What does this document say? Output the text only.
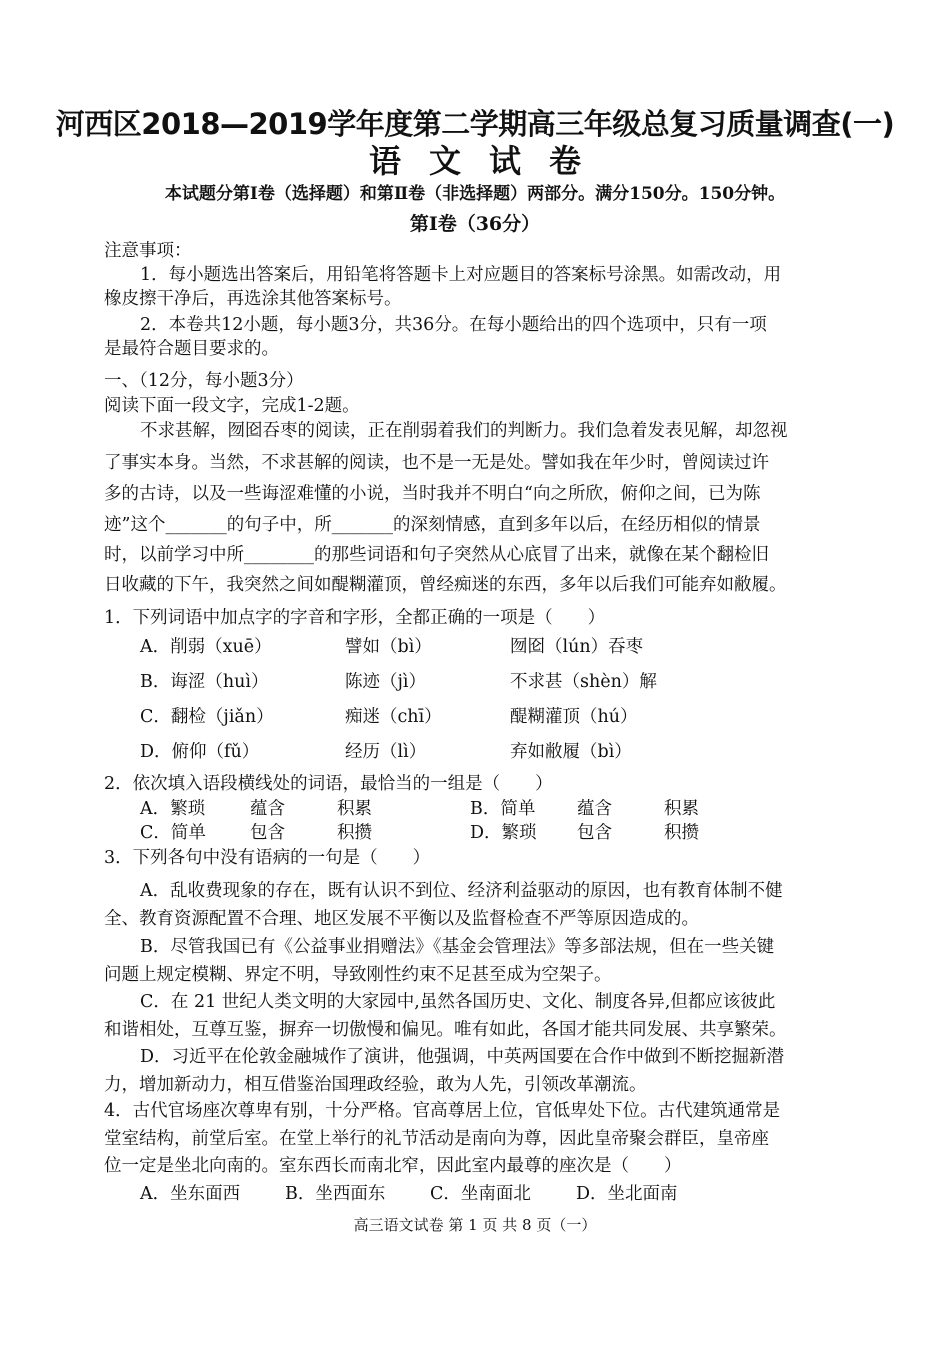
河西区2018—2019学年度第二学期高三年级总复习质量调查(一)
语文试卷
本试题分第Ⅰ卷（选择题）和第Ⅱ卷（非选择题）两部分。满分150分。150分钟。
第Ⅰ卷（36分）
注意事项：
1．每小题选出答案后，用铅笔将答题卡上对应题目的答案标号涂黑。如需改动，用
橡皮擦干净后，再选涂其他答案标号。
2．本卷共12小题，每小题3分，共36分。在每小题给出的四个选项中，只有一项
是最符合题目要求的。
一、（12分，每小题3分）
阅读下面一段文字，完成1-2题。
不求甚解，囫囵吞枣的阅读，正在削弱着我们的判断力。我们急着发表见解，却忽视
了事实本身。当然，不求甚解的阅读，也不是一无是处。譬如我在年少时，曾阅读过许
多的古诗，以及一些诲涩难懂的小说，当时我并不明白“向之所欣，俯仰之间，已为陈
迹”这个_______的句子中，所_______的深刻情感，直到多年以后，在经历相似的情景
时，以前学习中所________的那些词语和句子突然从心底冒了出来，就像在某个翻检旧
日收藏的下午，我突然之间如醍糊灌顶，曾经痴迷的东西，多年以后我们可能弃如敝履。
1．下列词语中加点字的字音和字形，全都正确的一项是（　　）
A．削弱（xuē）	譬如（bì）	囫囵（lún）吞枣
B．诲涩（huì）	陈迹（jì）	不求甚（shèn）解
C．翻检（jiǎn）	痴迷（chī）	醍糊灌顶（hú）
D．俯仰（fǔ）	经历（lì）	弃如敝履（bì）
2．依次填入语段横线处的词语，最恰当的一组是（　　）
A．繁琐	蕴含	积累	B．简单 蕴含	积累
C．简单	包含	积攒	D．繁琐 包含	积攒
3．下列各句中没有语病的一句是（　　）
A．乱收费现象的存在，既有认识不到位、经济利益驱动的原因，也有教育体制不健
全、教育资源配置不合理、地区发展不平衡以及监督检查不严等原因造成的。
B．尽管我国已有《公益事业捐赠法》《基金会管理法》等多部法规，但在一些关键
问题上规定模糊、界定不明，导致刚性约束不足甚至成为空架子。
C．在 21 世纪人类文明的大家园中,虽然各国历史、文化、制度各异,但都应该彼此
和谐相处，互尊互鉴，摒弃一切傲慢和偏见。唯有如此，各国才能共同发展、共享繁荣。
D．习近平在伦敦金融城作了演讲，他强调，中英两国要在合作中做到不断挖掘新潜
力，增加新动力，相互借鉴治国理政经验，敢为人先，引领改革潮流。
4．古代官场座次尊卑有别，十分严格。官高尊居上位，官低卑处下位。古代建筑通常是
堂室结构，前堂后室。在堂上举行的礼节活动是南向为尊，因此皇帝聚会群臣，皇帝座
位一定是坐北向南的。室东西长而南北窄，因此室内最尊的座次是（　　）
A．坐东面西	B．坐西面东	C．坐南面北	D．坐北面南
高三语文试卷 第 1 页 共 8 页（一）
